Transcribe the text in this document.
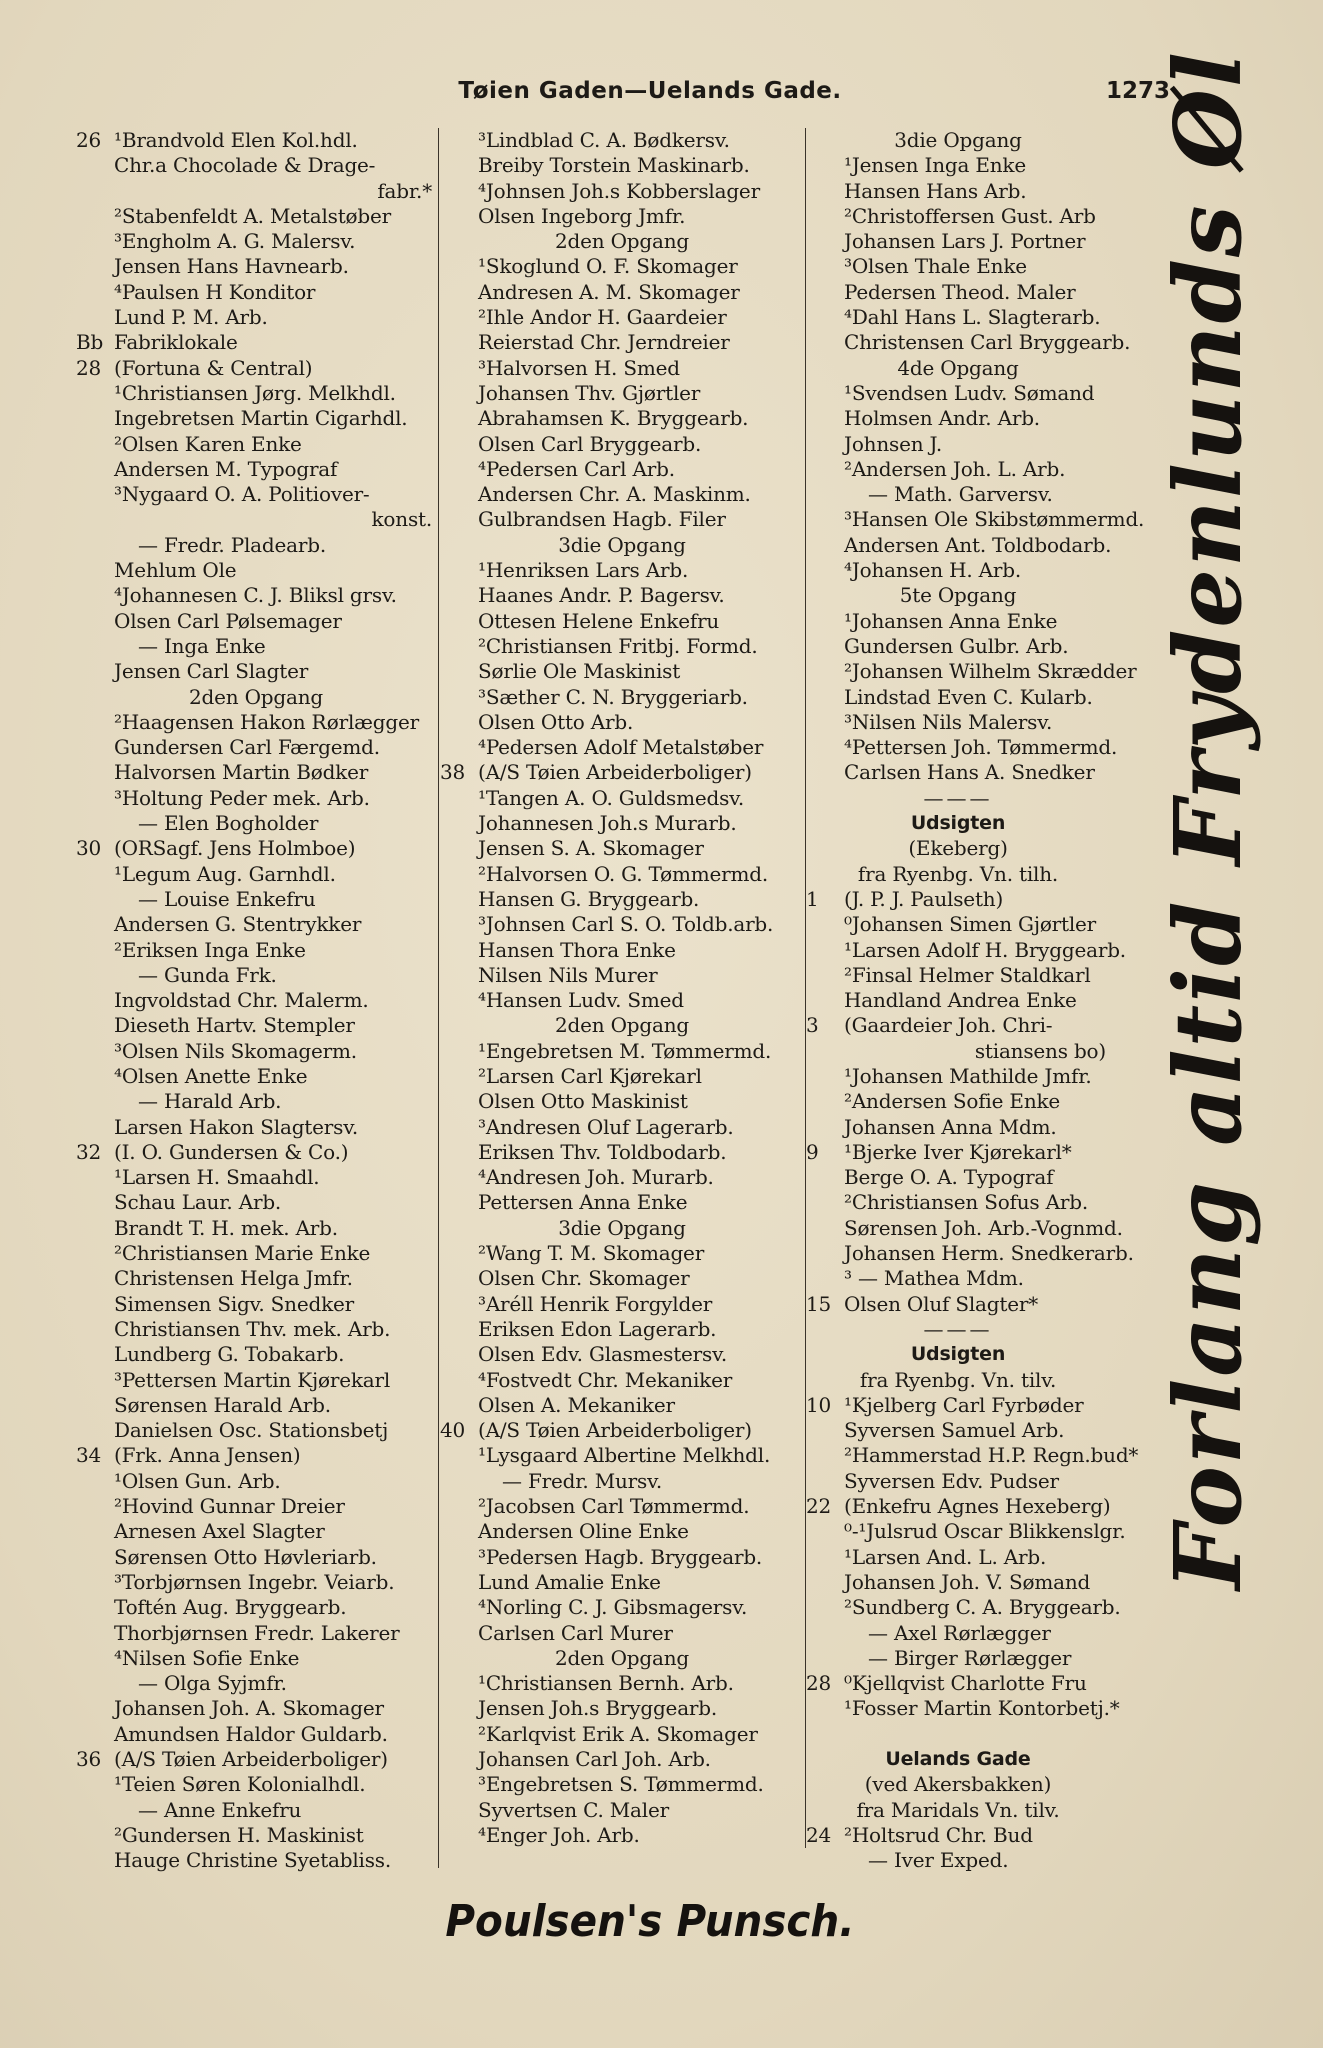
Tøien Gaden—Uelands Gade.	1273
26 ¹Brandvold Elen Kol.hdl.
Chr.a Chocolade & Drage-
fabr.*
²Stabenfeldt A. Metalstøber
³Engholm A. G. Malersv.
Jensen Hans Havnearb.
⁴Paulsen H Konditor
Lund P. M. Arb.
Bb Fabriklokale
28 (Fortuna & Central)
¹Christiansen Jørg. Melkhdl.
Ingebretsen Martin Cigarhdl.
²Olsen Karen Enke
Andersen M. Typograf
³Nygaard O. A. Politiover-
konst.
— Fredr. Pladearb.
Mehlum Ole
⁴Johannesen C. J. Bliksl grsv.
Olsen Carl Pølsemager
— Inga Enke
Jensen Carl Slagter
2den Opgang
²Haagensen Hakon Rørlægger
Gundersen Carl Færgemd.
Halvorsen Martin Bødker
³Holtung Peder mek. Arb.
— Elen Bogholder
30 (ORSagf. Jens Holmboe)
¹Legum Aug. Garnhdl.
— Louise Enkefru
Andersen G. Stentrykker
²Eriksen Inga Enke
— Gunda Frk.
Ingvoldstad Chr. Malerm.
Dieseth Hartv. Stempler
³Olsen Nils Skomagerm.
⁴Olsen Anette Enke
— Harald Arb.
Larsen Hakon Slagtersv.
32 (I. O. Gundersen & Co.)
¹Larsen H. Smaahdl.
Schau Laur. Arb.
Brandt T. H. mek. Arb.
²Christiansen Marie Enke
Christensen Helga Jmfr.
Simensen Sigv. Snedker
Christiansen Thv. mek. Arb.
Lundberg G. Tobakarb.
³Pettersen Martin Kjørekarl
Sørensen Harald Arb.
Danielsen Osc. Stationsbetj
34 (Frk. Anna Jensen)
¹Olsen Gun. Arb.
²Hovind Gunnar Dreier
Arnesen Axel Slagter
Sørensen Otto Høvleriarb.
³Torbjørnsen Ingebr. Veiarb.
Toftén Aug. Bryggearb.
Thorbjørnsen Fredr. Lakerer
⁴Nilsen Sofie Enke
— Olga Syjmfr.
Johansen Joh. A. Skomager
Amundsen Haldor Guldarb.
36 (A/S Tøien Arbeiderboliger)
¹Teien Søren Kolonialhdl.
— Anne Enkefru
²Gundersen H. Maskinist
Hauge Christine Syetabliss.
³Lindblad C. A. Bødkersv.
Breiby Torstein Maskinarb.
⁴Johnsen Joh.s Kobberslager
Olsen Ingeborg Jmfr.
2den Opgang
¹Skoglund O. F. Skomager
Andresen A. M. Skomager
²Ihle Andor H. Gaardeier
Reierstad Chr. Jerndreier
³Halvorsen H. Smed
Johansen Thv. Gjørtler
Abrahamsen K. Bryggearb.
Olsen Carl Bryggearb.
⁴Pedersen Carl Arb.
Andersen Chr. A. Maskinm.
Gulbrandsen Hagb. Filer
3die Opgang
¹Henriksen Lars Arb.
Haanes Andr. P. Bagersv.
Ottesen Helene Enkefru
²Christiansen Fritbj. Formd.
Sørlie Ole Maskinist
³Sæther C. N. Bryggeriarb.
Olsen Otto Arb.
⁴Pedersen Adolf Metalstøber
38 (A/S Tøien Arbeiderboliger)
¹Tangen A. O. Guldsmedsv.
Johannesen Joh.s Murarb.
Jensen S. A. Skomager
²Halvorsen O. G. Tømmermd.
Hansen G. Bryggearb.
³Johnsen Carl S. O. Toldb.arb.
Hansen Thora Enke
Nilsen Nils Murer
⁴Hansen Ludv. Smed
2den Opgang
¹Engebretsen M. Tømmermd.
²Larsen Carl Kjørekarl
Olsen Otto Maskinist
³Andresen Oluf Lagerarb.
Eriksen Thv. Toldbodarb.
⁴Andresen Joh. Murarb.
Pettersen Anna Enke
3die Opgang
²Wang T. M. Skomager
Olsen Chr. Skomager
³Aréll Henrik Forgylder
Eriksen Edon Lagerarb.
Olsen Edv. Glasmestersv.
⁴Fostvedt Chr. Mekaniker
Olsen A. Mekaniker
40 (A/S Tøien Arbeiderboliger)
¹Lysgaard Albertine Melkhdl.
— Fredr. Mursv.
²Jacobsen Carl Tømmermd.
Andersen Oline Enke
³Pedersen Hagb. Bryggearb.
Lund Amalie Enke
⁴Norling C. J. Gibsmagersv.
Carlsen Carl Murer
2den Opgang
¹Christiansen Bernh. Arb.
Jensen Joh.s Bryggearb.
²Karlqvist Erik A. Skomager
Johansen Carl Joh. Arb.
³Engebretsen S. Tømmermd.
Syvertsen C. Maler
⁴Enger Joh. Arb.
3die Opgang
¹Jensen Inga Enke
Hansen Hans Arb.
²Christoffersen Gust. Arb
Johansen Lars J. Portner
³Olsen Thale Enke
Pedersen Theod. Maler
⁴Dahl Hans L. Slagterarb.
Christensen Carl Bryggearb.
4de Opgang
¹Svendsen Ludv. Sømand
Holmsen Andr. Arb.
Johnsen J.
²Andersen Joh. L. Arb.
— Math. Garversv.
³Hansen Ole Skibstømmermd.
Andersen Ant. Toldbodarb.
⁴Johansen H. Arb.
5te Opgang
¹Johansen Anna Enke
Gundersen Gulbr. Arb.
²Johansen Wilhelm Skrædder
Lindstad Even C. Kularb.
³Nilsen Nils Malersv.
⁴Pettersen Joh. Tømmermd.
Carlsen Hans A. Snedker
———
Udsigten
(Ekeberg)
fra Ryenbg. Vn. tilh.
1 (J. P. J. Paulseth)
⁰Johansen Simen Gjørtler
¹Larsen Adolf H. Bryggearb.
²Finsal Helmer Staldkarl
Handland Andrea Enke
3 (Gaardeier Joh. Chri-
stiansens bo)
¹Johansen Mathilde Jmfr.
²Andersen Sofie Enke
Johansen Anna Mdm.
9 ¹Bjerke Iver Kjørekarl*
Berge O. A. Typograf
²Christiansen Sofus Arb.
Sørensen Joh. Arb.-Vognmd.
Johansen Herm. Snedkerarb.
³ — Mathea Mdm.
15 Olsen Oluf Slagter*
———
Udsigten
fra Ryenbg. Vn. tilv.
10 ¹Kjelberg Carl Fyrbøder
Syversen Samuel Arb.
²Hammerstad H.P. Regn.bud*
Syversen Edv. Pudser
22 (Enkefru Agnes Hexeberg)
⁰-¹Julsrud Oscar Blikkenslgr.
¹Larsen And. L. Arb.
Johansen Joh. V. Sømand
²Sundberg C. A. Bryggearb.
— Axel Rørlægger
— Birger Rørlægger
28 ⁰Kjellqvist Charlotte Fru
¹Fosser Martin Kontorbetj.*
Uelands Gade
(ved Akersbakken)
fra Maridals Vn. tilv.
24 ²Holtsrud Chr. Bud
— Iver Exped.
Forlang altid Frydenlunds Øl
Poulsen's Punsch.
